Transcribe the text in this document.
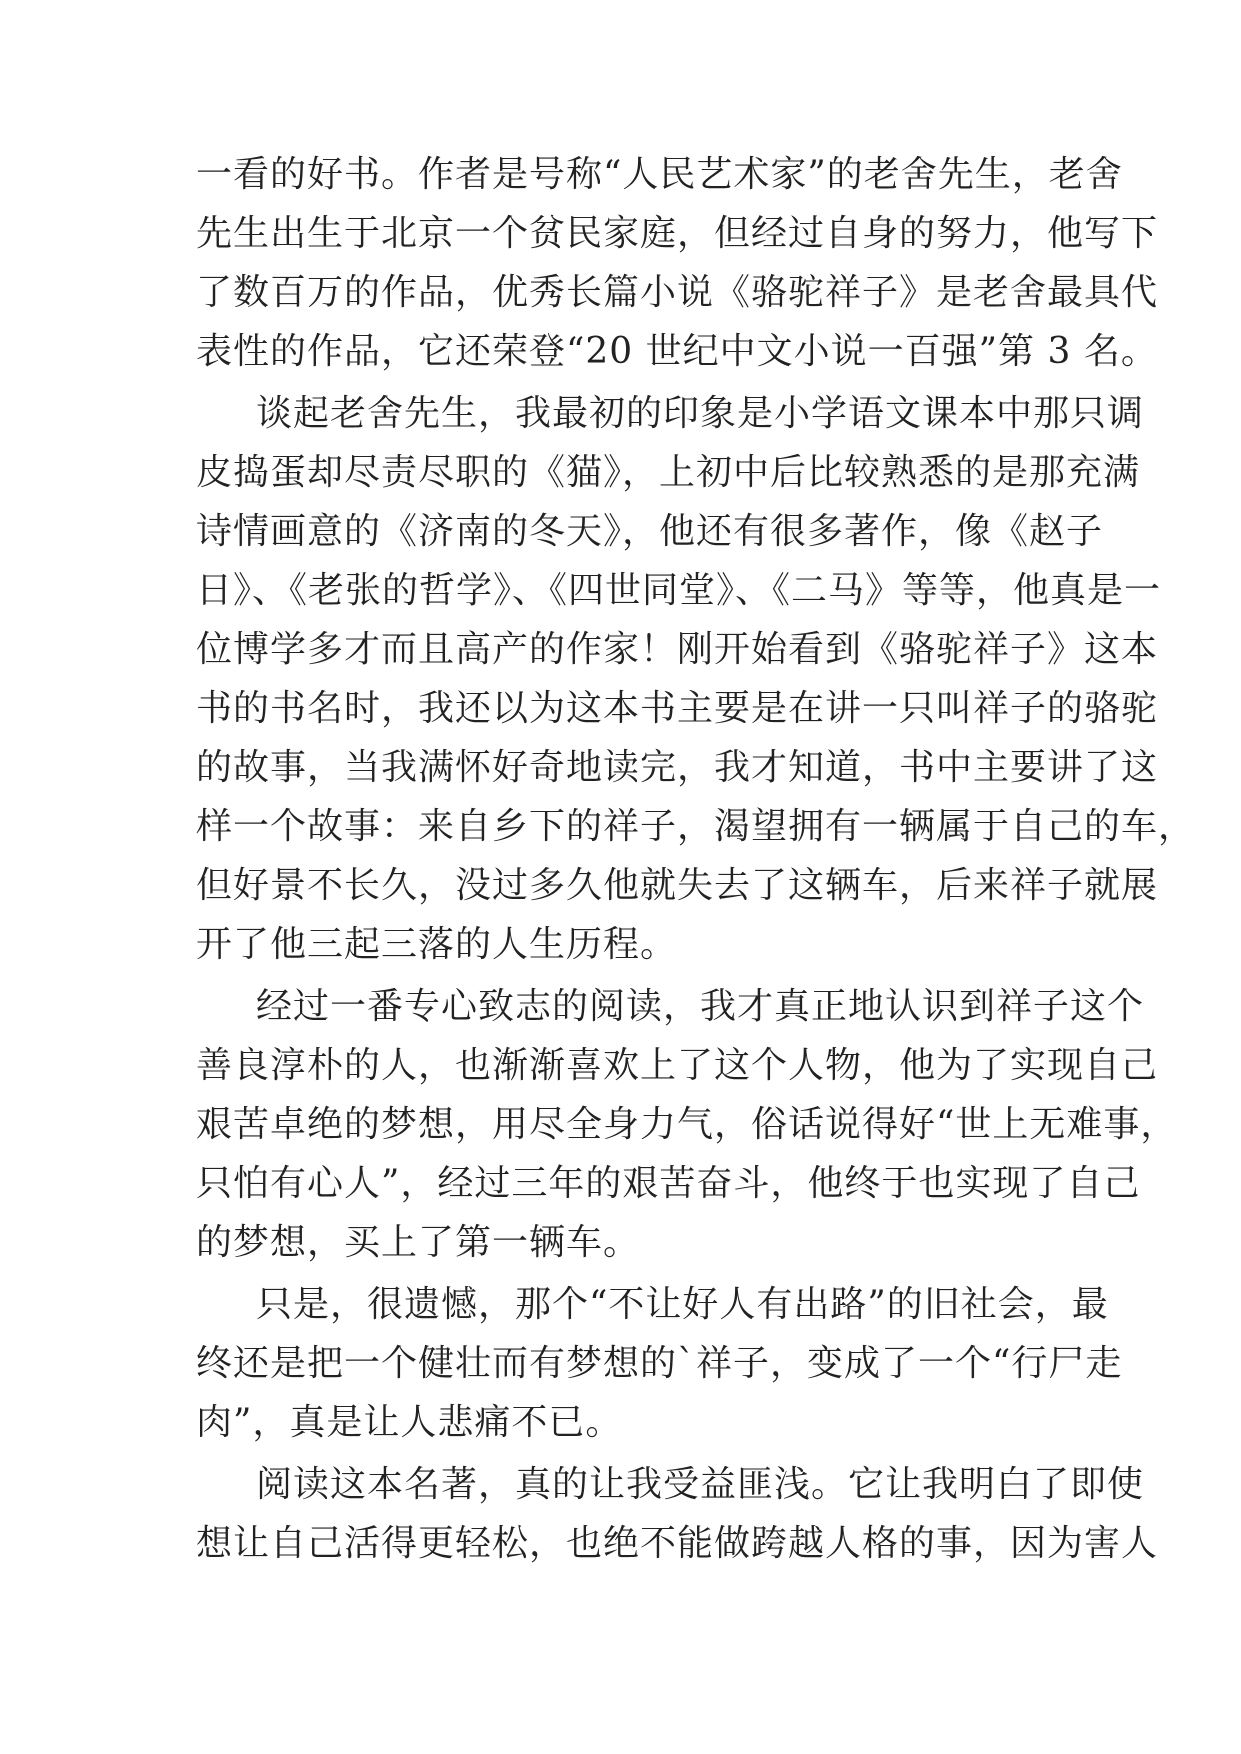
一看的好书。作者是号称“人民艺术家”的老舍先生，老舍
先生出生于北京一个贫民家庭，但经过自身的努力，他写下
了数百万的作品，优秀长篇小说《骆驼祥子》是老舍最具代
表性的作品，它还荣登“20 世纪中文小说一百强”第 3 名。
谈起老舍先生，我最初的印象是小学语文课本中那只调
皮捣蛋却尽责尽职的《猫》，上初中后比较熟悉的是那充满
诗情画意的《济南的冬天》，他还有很多著作，像《赵子
日》、《老张的哲学》、《四世同堂》、《二马》等等，他真是一
位博学多才而且高产的作家！刚开始看到《骆驼祥子》这本
书的书名时，我还以为这本书主要是在讲一只叫祥子的骆驼
的故事，当我满怀好奇地读完，我才知道，书中主要讲了这
样一个故事：来自乡下的祥子，渴望拥有一辆属于自己的车，
但好景不长久，没过多久他就失去了这辆车，后来祥子就展
开了他三起三落的人生历程。
经过一番专心致志的阅读，我才真正地认识到祥子这个
善良淳朴的人，也渐渐喜欢上了这个人物，他为了实现自己
艰苦卓绝的梦想，用尽全身力气，俗话说得好“世上无难事，
只怕有心人”，经过三年的艰苦奋斗，他终于也实现了自己
的梦想，买上了第一辆车。
只是，很遗憾，那个“不让好人有出路”的旧社会，最
终还是把一个健壮而有梦想的`祥子，变成了一个“行尸走
肉”，真是让人悲痛不已。
阅读这本名著，真的让我受益匪浅。它让我明白了即使
想让自己活得更轻松，也绝不能做跨越人格的事，因为害人
